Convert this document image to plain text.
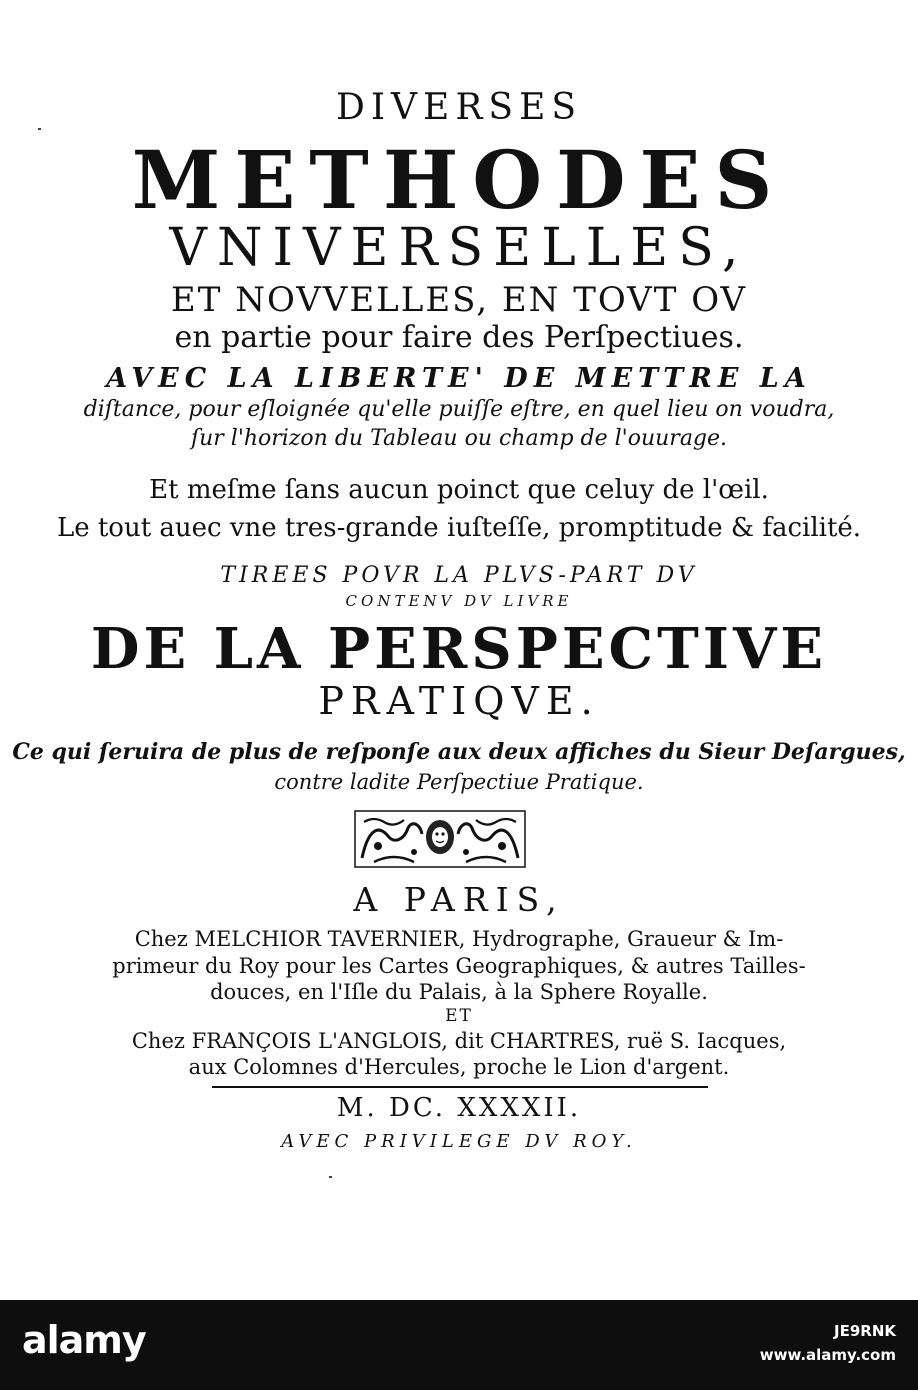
DIVERSES
METHODES
VNIVERSELLES,
ET NOVVELLES, EN TOVT OV
en partie pour faire des Perſpectiues.
AVEC LA LIBERTE' DE METTRE LA
diſtance, pour eſloignée qu'elle puiſſe eſtre, en quel lieu on voudra,
ſur l'horizon du Tableau ou champ de l'ouurage.
Et meſme ſans aucun poinct que celuy de l'œil.
Le tout auec vne tres-grande iuſteſſe, promptitude & facilité.
TIREES POVR LA PLVS-PART DV
CONTENV DV LIVRE
DE LA PERSPECTIVE
PRATIQVE.
Ce qui ſeruira de plus de reſponſe aux deux affiches du Sieur Deſargues,
contre ladite Perſpectiue Pratique.
A PARIS,
Chez MELCHIOR TAVERNIER, Hydrographe, Graueur & Im-
primeur du Roy pour les Cartes Geographiques, & autres Tailles-
douces, en l'Iſle du Palais, à la Sphere Royalle.
ET
Chez FRANÇOIS L'ANGLOIS, dit CHARTRES, ruë S. Iacques,
aux Colomnes d'Hercules, proche le Lion d'argent.
M. DC. XXXXII.
AVEC PRIVILEGE DV ROY.
alamy	JE9RNK
www.alamy.com
